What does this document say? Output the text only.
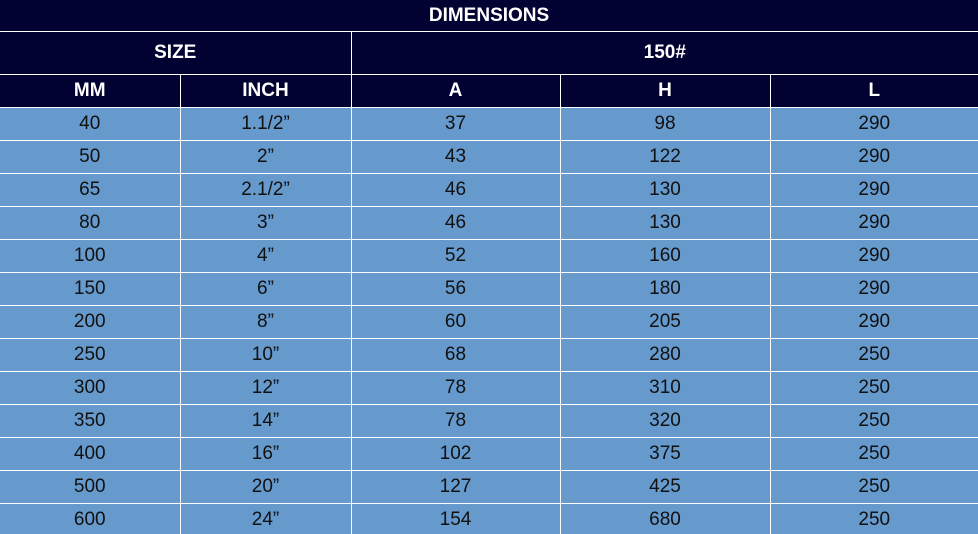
DIMENSIONS				
SIZE		150#		
MM	INCH	A	H	L
40	1.1/2”	37	98	290
50	2”	43	122	290
65	2.1/2”	46	130	290
80	3”	46	130	290
100	4”	52	160	290
150	6”	56	180	290
200	8”	60	205	290
250	10”	68	280	250
300	12”	78	310	250
350	14”	78	320	250
400	16”	102	375	250
500	20”	127	425	250
600	24”	154	680	250
